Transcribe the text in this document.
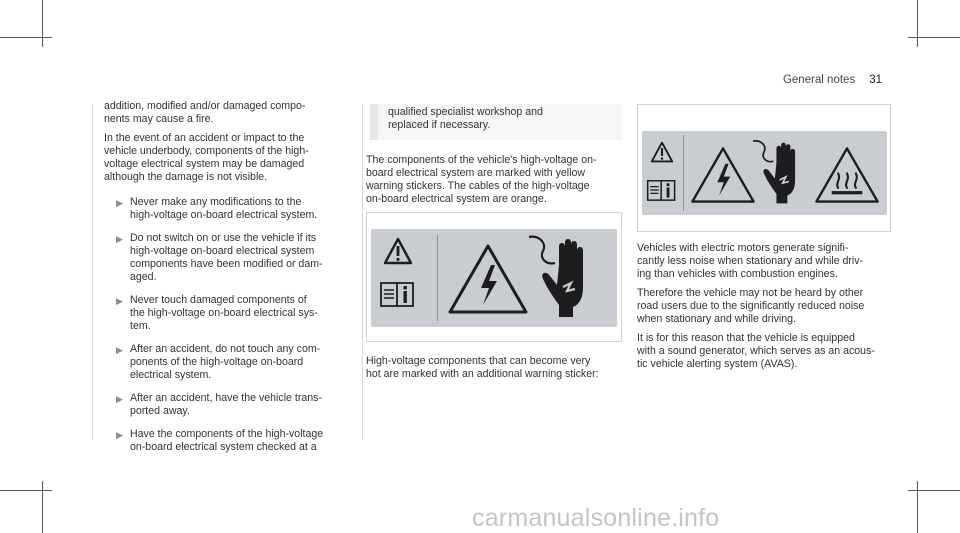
General notes 31

addition, modified and/or damaged compo-
nents may cause a fire.

In the event of an accident or impact to the
vehicle underbody, components of the high-
voltage electrical system may be damaged
although the damage is not visible.

▶ Never make any modifications to the
high-voltage on-board electrical system.
▶ Do not switch on or use the vehicle if its
high-voltage on-board electrical system
components have been modified or dam-
aged.
▶ Never touch damaged components of
the high-voltage on-board electrical sys-
tem.
▶ After an accident, do not touch any com-
ponents of the high-voltage on-board
electrical system.
▶ After an accident, have the vehicle trans-
ported away.
▶ Have the components of the high-voltage
on-board electrical system checked at a
qualified specialist workshop and
replaced if necessary.

The components of the vehicle's high-voltage on-
board electrical system are marked with yellow
warning stickers. The cables of the high-voltage
on-board electrical system are orange.

High-voltage components that can become very
hot are marked with an additional warning sticker:

Vehicles with electric motors generate signifi-
cantly less noise when stationary and while driv-
ing than vehicles with combustion engines.

Therefore the vehicle may not be heard by other
road users due to the significantly reduced noise
when stationary and while driving.

It is for this reason that the vehicle is equipped
with a sound generator, which serves as an acous-
tic vehicle alerting system (AVAS).

carmanualsonline.info
